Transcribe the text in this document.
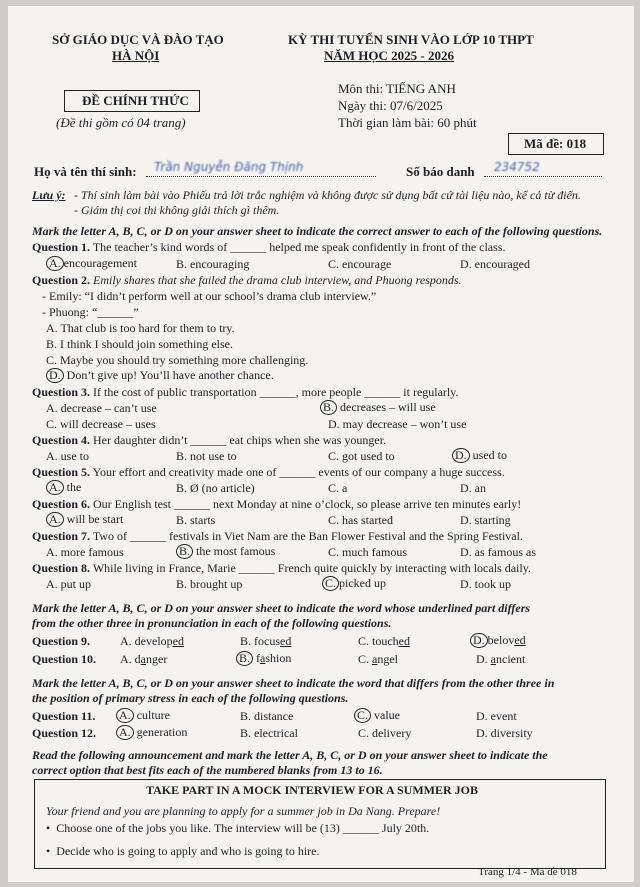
SỞ GIÁO DỤC VÀ ĐÀO TẠO
HÀ NỘI
ĐỀ CHÍNH THỨC
(Đề thi gồm có 04 trang)
KỲ THI TUYỂN SINH VÀO LỚP 10 THPT
NĂM HỌC 2025 - 2026
Môn thi: TIẾNG ANH
Ngày thi: 07/6/2025
Thời gian làm bài: 60 phút
Mã đề: 018
Họ và tên thí sinh: Trần Nguyễn Đăng Thịnh	Số báo danh 234752
Lưu ý: - Thí sinh làm bài vào Phiếu trả lời trắc nghiệm và không được sử dụng bất cứ tài liệu nào, kể cả từ điển.
- Giám thị coi thi không giải thích gì thêm.
Mark the letter A, B, C, or D on your answer sheet to indicate the correct answer to each of the following questions.
Question 1. The teacher’s kind words of ______ helped me speak confidently in front of the class.
A. encouragement	B. encouraging	C. encourage	D. encouraged
Question 2. Emily shares that she failed the drama club interview, and Phuong responds.
- Emily: “I didn’t perform well at our school’s drama club interview.”
- Phuong: “______”
A. That club is too hard for them to try.
B. I think I should join something else.
C. Maybe you should try something more challenging.
D. Don’t give up! You’ll have another chance.
Question 3. If the cost of public transportation ______, more people ______ it regularly.
A. decrease – can’t use	B. decreases – will use
C. will decrease – uses	D. may decrease – won’t use
Question 4. Her daughter didn’t ______ eat chips when she was younger.
A. use to	B. not use to	C. got used to	D. used to
Question 5. Your effort and creativity made one of ______ events of our company a huge success.
A. the	B. Ø (no article)	C. a	D. an
Question 6. Our English test ______ next Monday at nine o’clock, so please arrive ten minutes early!
A. will be start	B. starts	C. has started	D. starting
Question 7. Two of ______ festivals in Viet Nam are the Ban Flower Festival and the Spring Festival.
A. more famous	B. the most famous	C. much famous	D. as famous as
Question 8. While living in France, Marie ______ French quite quickly by interacting with locals daily.
A. put up	B. brought up	C. picked up	D. took up
Mark the letter A, B, C, or D on your answer sheet to indicate the word whose underlined part differs
from the other three in pronunciation in each of the following questions.
Question 9. A. developed	B. focused	C. touched	D. beloved
Question 10. A. danger	B. fashion	C. angel	D. ancient
Mark the letter A, B, C, or D on your answer sheet to indicate the word that differs from the other three in
the position of primary stress in each of the following questions.
Question 11. A. culture	B. distance	C. value	D. event
Question 12. A. generation	B. electrical	C. delivery	D. diversity
Read the following announcement and mark the letter A, B, C, or D on your answer sheet to indicate the
correct option that best fits each of the numbered blanks from 13 to 16.
TAKE PART IN A MOCK INTERVIEW FOR A SUMMER JOB
Your friend and you are planning to apply for a summer job in Da Nang. Prepare!
•  Choose one of the jobs you like. The interview will be (13) ______ July 20th.
•  Decide who is going to apply and who is going to hire.
Trang 1/4 - Mã đề 018
